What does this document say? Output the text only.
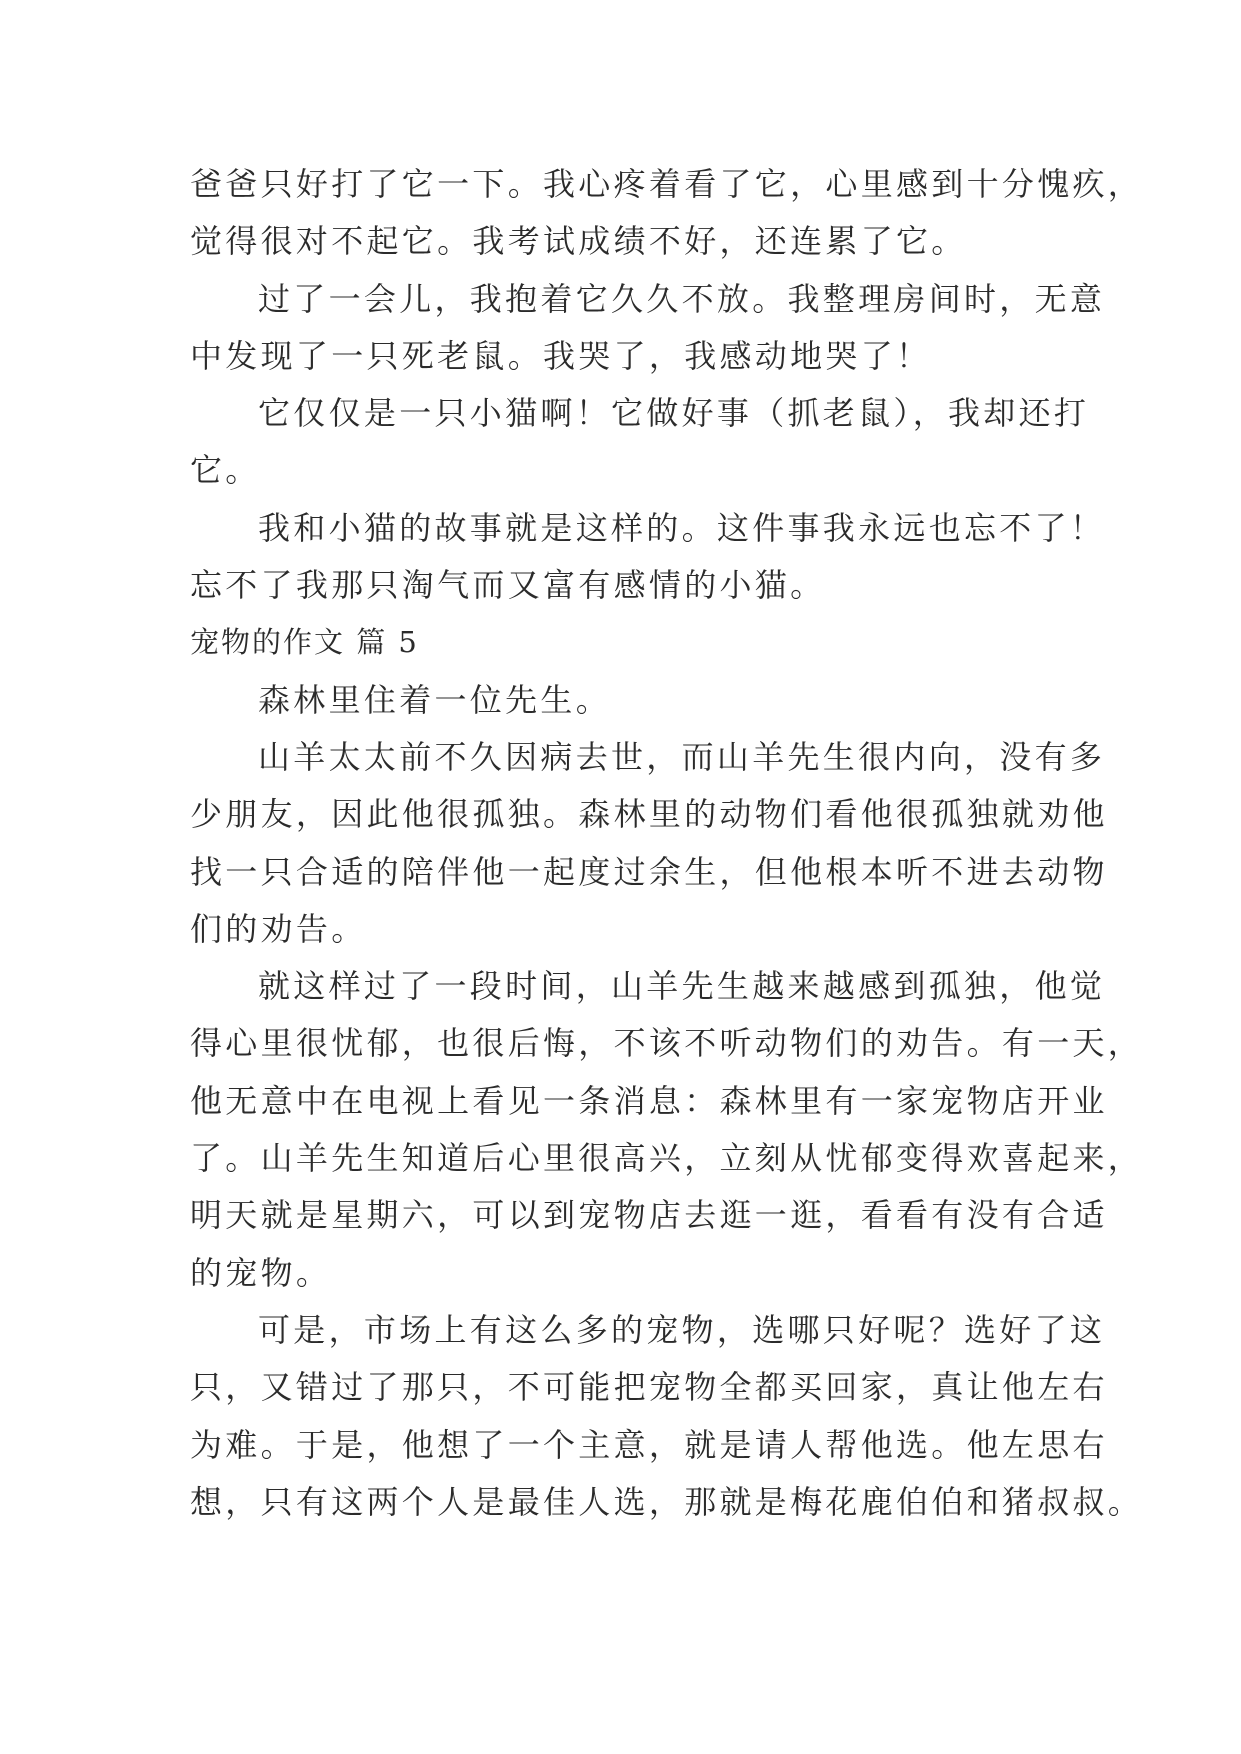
爸爸只好打了它一下。我心疼着看了它，心里感到十分愧疚，
觉得很对不起它。我考试成绩不好，还连累了它。
过了一会儿，我抱着它久久不放。我整理房间时，无意
中发现了一只死老鼠。我哭了，我感动地哭了！
它仅仅是一只小猫啊！它做好事（抓老鼠），我却还打
它。
我和小猫的故事就是这样的。这件事我永远也忘不了！
忘不了我那只淘气而又富有感情的小猫。
宠物的作文 篇 5
森林里住着一位先生。
山羊太太前不久因病去世，而山羊先生很内向，没有多
少朋友，因此他很孤独。森林里的动物们看他很孤独就劝他
找一只合适的陪伴他一起度过余生，但他根本听不进去动物
们的劝告。
就这样过了一段时间，山羊先生越来越感到孤独，他觉
得心里很忧郁，也很后悔，不该不听动物们的劝告。有一天，
他无意中在电视上看见一条消息：森林里有一家宠物店开业
了。山羊先生知道后心里很高兴，立刻从忧郁变得欢喜起来，
明天就是星期六，可以到宠物店去逛一逛，看看有没有合适
的宠物。
可是，市场上有这么多的宠物，选哪只好呢？选好了这
只，又错过了那只，不可能把宠物全都买回家，真让他左右
为难。于是，他想了一个主意，就是请人帮他选。他左思右
想，只有这两个人是最佳人选，那就是梅花鹿伯伯和猪叔叔。
